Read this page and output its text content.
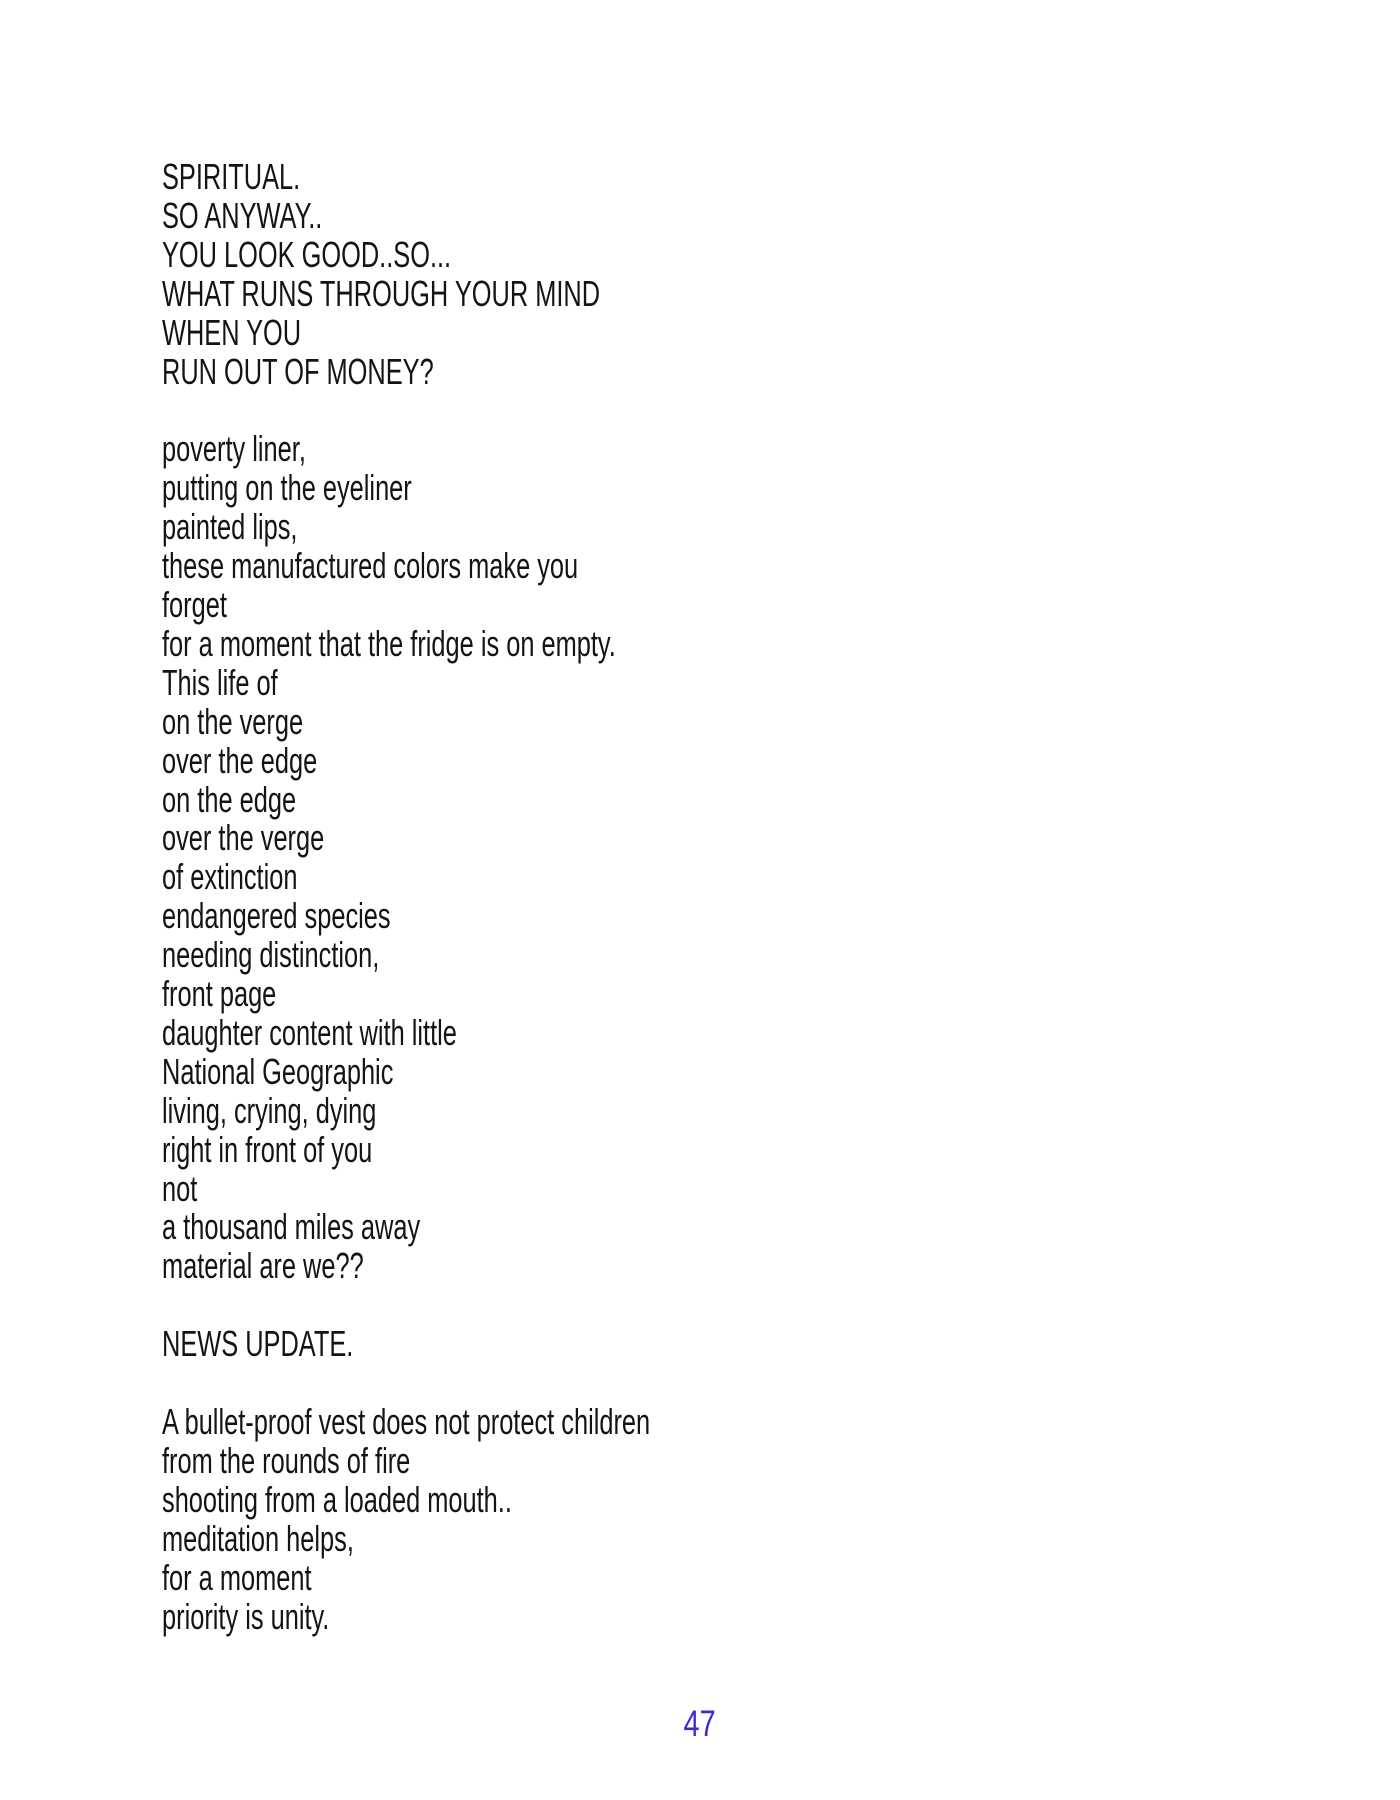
SPIRITUAL.
SO ANYWAY..
YOU LOOK GOOD..SO...
WHAT RUNS THROUGH YOUR MIND
WHEN YOU
RUN OUT OF MONEY?
poverty liner,
putting on the eyeliner
painted lips,
these manufactured colors make you
forget
for a moment that the fridge is on empty.
This life of
on the verge
over the edge
on the edge
over the verge
of extinction
endangered species
needing distinction,
front page
daughter content with little
National Geographic
living, crying, dying
right in front of you
not
a thousand miles away
material are we??
NEWS UPDATE.
A bullet-proof vest does not protect children
from the rounds of fire
shooting from a loaded mouth..
meditation helps,
for a moment
priority is unity.
47
